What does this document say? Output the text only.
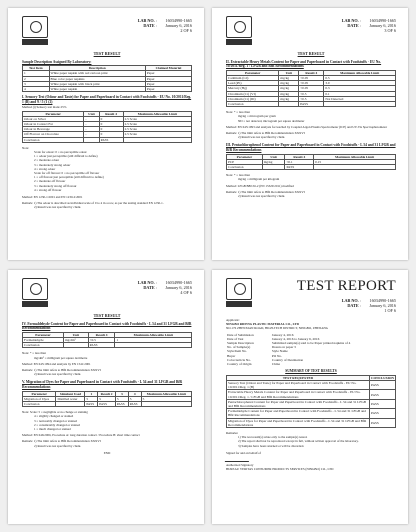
LAB NO. : 16034990-1665
DATE : January 6, 2016
2 OF 6
TEST RESULT
Sample Description Assigned By Laboratory:
Test Item	Description	Claimed Material
1	White paper napkin with red cartoon print	Paper
2	Blue color paper napkins	Paper
3	White paper napkin with black print	Paper
4	White paper napkin	Paper
I. Sensory Test (Odour and Taste) for Paper and Paperboard in Contact with Foodstuffs - EU No. 10/2011/Reg. 1 (B) and 9 / 5 (1 (2)
Method (i) Sensory test made 25%
Parameter	Unit	Result 4	Maximum Allowable Limit
Odour on Silver	-	0	2.5 Scale
Odour in Contact Fat	-	0	2.5 Scale
Odour in Beverage	-	0	2.5 Scale
Off Flavour on Chocolate	-	0	2.5 Scale
Conclusion		PASS	
Note:
Scale for odour: 0 = no perceptible odour
1 = odour just perceptible (still difficult to define)
2 = moderate odour
3 = moderately strong odour
4 = strong odour
Scale for off flavour: 0 = no perceptible off flavour
1 = off flavour just perceptible (still difficult to define)
2 = moderate off flavour
3 = moderately strong off flavour
4 = strong off flavour
Method: EN 1230-1:2001 and EN 1230-2:2001
Remark: 1) The odour is described as individual scale of 0 to 4 in a row, as per the testing standard EN 1230-1.
2) Result was not specified by client.
LAB NO. : 16034990-1665
DATE : January 6, 2016
3 OF 6
TEST RESULT
II. Extractable Heavy Metals Content for Paper and Paperboard in Contact with Foodstuffs - EU No. 10/2011/Reg. 1 / LFGB and BfR Recommendations
Parameter	Unit	Result 4	Maximum Allowable Limit
Cadmium (Cd)	mg/kg	<0.05	0.5
Lead (Pb)	mg/kg	<0.05	3.0
Mercury (Hg)	mg/kg	<0.05	0.3
Chromium (Cr) (VI)	mg/kg	<0.5	0.1
Chromium (Cr) (III)	mg/kg	<0.5	Not Detected
Conclusion		PASS	
Note: * = less than
mg/kg = microgram per gram
ND = not detected, microgram per square decimeter
Method: EN 645:1993 and analysis for leached by Coupled Argon Plasma Spectrometer (ICP) and UV-Vis Spectrophotometer
Remark: 1) The limit refers to BfR Recommendation XXXVI
2) Result was not specified by client.
III. Pentachlorophenol Content for Paper and Paperboard in Contact with Foodstuffs - L 54 and 31 LFGB and BfR Recommendations
Parameter	Unit	Result 4	Maximum Allowable Limit
PCP	mg/kg	<0.1	0.15
Conclusion		PASS	
Note: * = less than
mg/kg = milligram per kilogram
Method: LFGB B80.56-2 (EN 15320:2011) modified
Remark: 1) The limit refers to BfR Recommendation XXXVI
2) Result was not specified by client.
LAB NO. : 16034990-1665
DATE : January 6, 2016
4 OF 6
TEST RESULT
IV. Formaldehyde Content for Paper and Paperboard in Contact with Foodstuffs - L 54 and 31 LFGB and BfR Recommendations
Parameter	Unit	Result 4	Maximum Allowable Limit
Formaldehyde	mg/dm²	<0.5	1
Conclusion		PASS	
Note: * = less than
mg/dm² = milligram per square decimetre
Method: EN 645:1994 and analysis by EN 1541:2001
Remark: 1) The limit refers to BfR Recommendation XXXVI
2) Result was not specified by client.
V. Migration of Dyes for Paper and Paperboard in Contact with Foodstuffs - L 54 and 31 LFGB and BfR Recommendations
Parameter	Simulant Used	1	Result 2	3	4	Maximum Allowable Limit
Migration of Dyes	Distilled water	5	5	5	5	5
Conclusion		PASS	PASS	PASS	PASS	
Note: Scale: 5 = negligible or no change or staining
4 = slightly changed or stained
3 = noticeably changed or stained
2 = considerably changed or stained
1 = much changed or stained
Method: EN 646:2006, Procedure A: long duration contact / Procedure B: short time contact
Remark: 1) The limit refers to BfR Recommendation XXXVI
2) Result was not specified by client.
END
TEST REPORT
LAB NO. : 16034990-1665
DATE : January 6, 2016
1 OF 6
Applicant:
NINGBO RIFENG PLASTIC MATERIAL CO., LTD
NO.176 ZHENXIAN ROAD, HIGH-TECH DISTRICT, NINGBO, ZHEJIANG
Date of Submission	January 4, 2016
Date of Test	January 4, 2016 to January 6, 2016
Sample Description	Submitted sample(s) said to be Paper printed napkins of 4
No. of Sample(s)	Dozen on paper 3
Style/Item No.	Style Name
Buyer	PO No.
Color/Article No.	Country of Destination
Country of Origin	China
SUMMARY OF TEST RESULTS
TEST REQUESTED	CONCLUSION
Sensory Test (Odour and Taste) for Paper and Paperboard in Contact with Foodstuffs - EU No. 10/2011/Reg. 1 (B)	PASS
Extractable Heavy Metals Content for Paper and Paperboard in Contact with Foodstuffs - EU No. 10/2011/Reg. 1 / LFGB and BfR Recommendations	PASS
Pentachlorophenol Content for Paper and Paperboard in Contact with Foodstuffs - L 54 and 31 LFGB and BfR Recommendations	PASS
Formaldehyde Content for Paper and Paperboard in Contact with Foodstuffs - L 54 and 31 LFGB and BfR Recommendations	PASS
Migration of Dyes for Paper and Paperboard in Contact with Foodstuffs - L 54 and 31 LFGB and BfR Recommendations	PASS
Remarks:
1) The test result(s) relate only to the sample(s) tested.
2) The report shall not be reproduced except in full, without written approval of the laboratory.
3) Samples have been returned or will be discarded.
Signed for and on behalf of
Authorized Signatory
BUREAU VERITAS CONSUMER PRODUCTS SERVICES (NINGBO) CO., LTD
